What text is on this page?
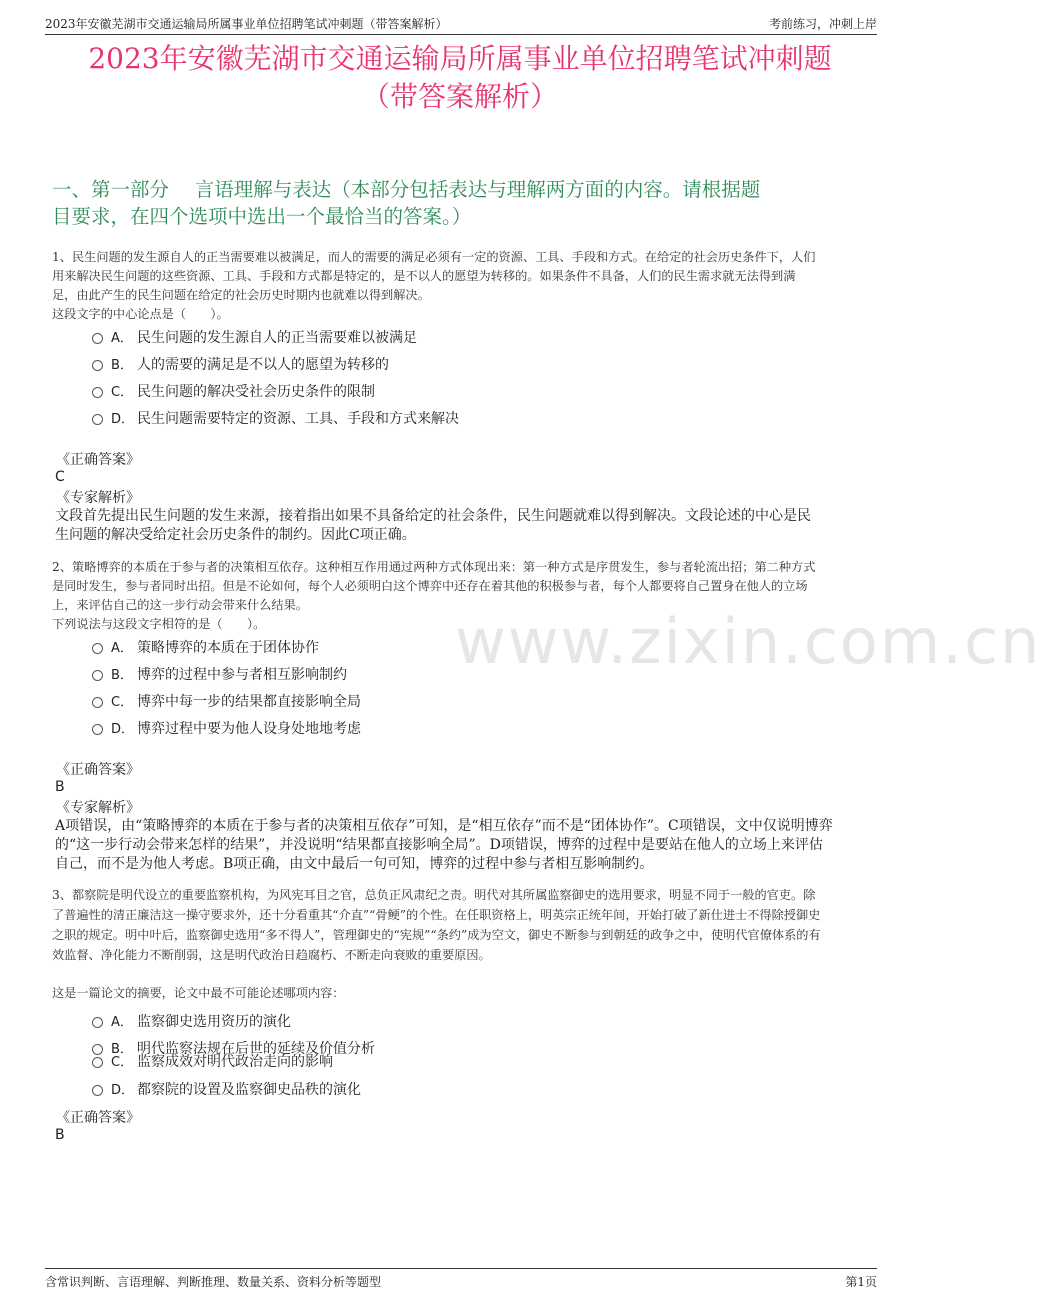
2023年安徽芜湖市交通运输局所属事业单位招聘笔试冲刺题（带答案解析）	考前练习，冲刺上岸
2023年安徽芜湖市交通运输局所属事业单位招聘笔试冲刺题
（带答案解析）
一、第一部分　 言语理解与表达（本部分包括表达与理解两方面的内容。请根据题
目要求，在四个选项中选出一个最恰当的答案。）
www.zixin.com.cn
1、民生问题的发生源自人的正当需要难以被满足，而人的需要的满足必须有一定的资源、工具、手段和方式。在给定的社会历史条件下，人们
用来解决民生问题的这些资源、工具、手段和方式都是特定的，是不以人的愿望为转移的。如果条件不具备，人们的民生需求就无法得到满
足，由此产生的民生问题在给定的社会历史时期内也就难以得到解决。
这段文字的中心论点是（　　）。
A． 民生问题的发生源自人的正当需要难以被满足
B． 人的需要的满足是不以人的愿望为转移的
C． 民生问题的解决受社会历史条件的限制
D． 民生问题需要特定的资源、工具、手段和方式来解决
《正确答案》
C
《专家解析》
文段首先提出民生问题的发生来源，接着指出如果不具备给定的社会条件，民生问题就难以得到解决。文段论述的中心是民
生问题的解决受给定社会历史条件的制约。因此C项正确。
2、策略博弈的本质在于参与者的决策相互依存。这种相互作用通过两种方式体现出来：第一种方式是序贯发生，参与者轮流出招；第二种方式
是同时发生，参与者同时出招。但是不论如何，每个人必须明白这个博弈中还存在着其他的积极参与者，每个人都要将自己置身在他人的立场
上，来评估自己的这一步行动会带来什么结果。
下列说法与这段文字相符的是（　　）。
A． 策略博弈的本质在于团体协作
B． 博弈的过程中参与者相互影响制约
C． 博弈中每一步的结果都直接影响全局
D． 博弈过程中要为他人设身处地地考虑
《正确答案》
B
《专家解析》
A项错误，由“策略博弈的本质在于参与者的决策相互依存”可知，是“相互依存”而不是“团体协作”。C项错误，文中仅说明博弈
的“这一步行动会带来怎样的结果”，并没说明“结果都直接影响全局”。D项错误，博弈的过程中是要站在他人的立场上来评估
自己，而不是为他人考虑。B项正确，由文中最后一句可知，博弈的过程中参与者相互影响制约。
3、都察院是明代设立的重要监察机构，为风宪耳目之官，总负正风肃纪之责。明代对其所属监察御史的选用要求，明显不同于一般的官吏。除
了普遍性的清正廉洁这一操守要求外，还十分看重其“介直”“骨鲠”的个性。在任职资格上，明英宗正统年间，开始打破了新仕进士不得除授御史
之职的规定。明中叶后，监察御史选用“多不得人”，管理御史的“宪规”“条约”成为空文，御史不断参与到朝廷的政争之中，使明代官僚体系的有
效监督、净化能力不断削弱，这是明代政治日趋腐朽、不断走向衰败的重要原因。
这是一篇论文的摘要，论文中最不可能论述哪项内容：
A． 监察御史选用资历的演化
B． 明代监察法规在后世的延续及价值分析
C． 监察成效对明代政治走向的影响
D． 都察院的设置及监察御史品秩的演化
《正确答案》
B
含常识判断、言语理解、判断推理、数量关系、资料分析等题型	第1页
